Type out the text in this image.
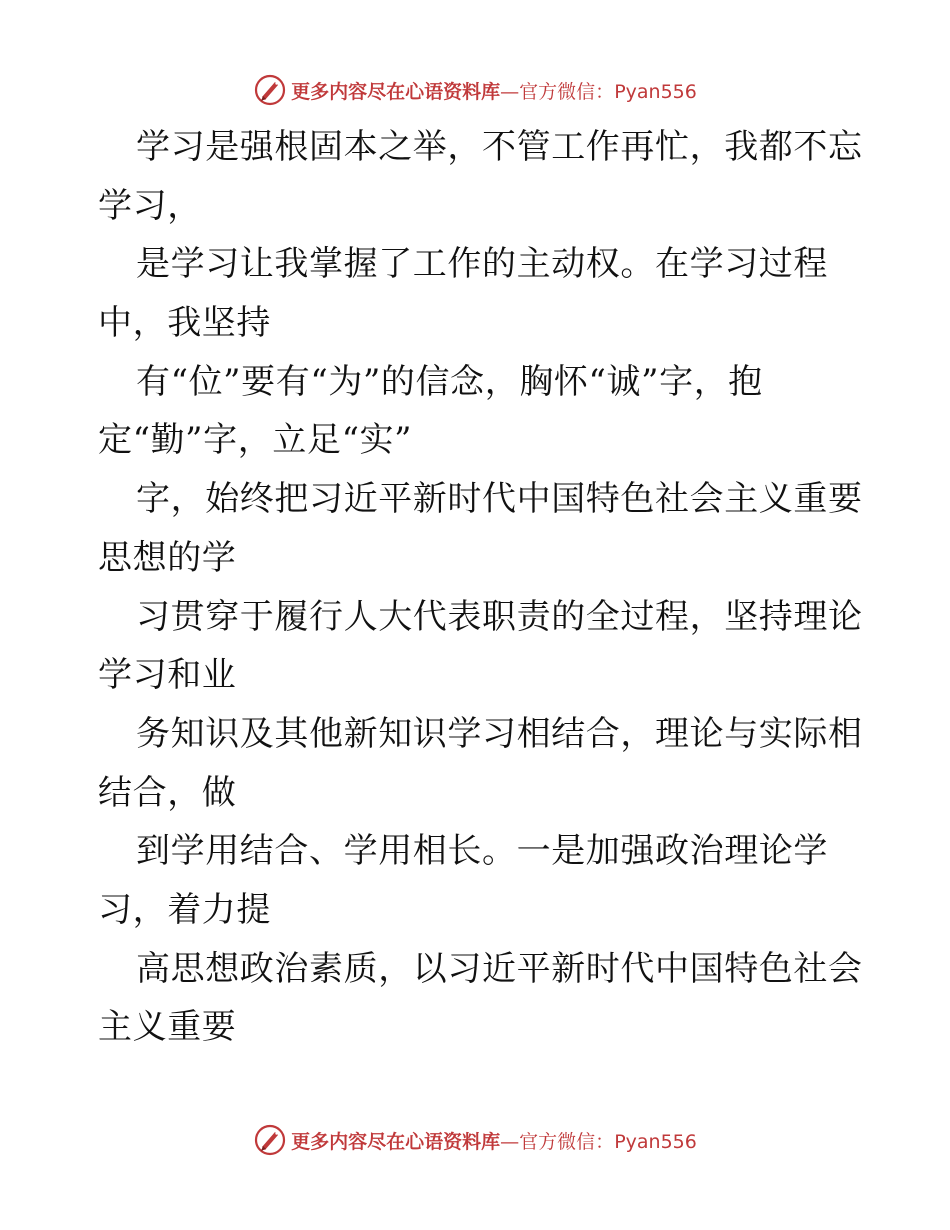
更多内容尽在心语资料库—官方微信：Pyan556
学习是强根固本之举，不管工作再忙，我都不忘
学习，
是学习让我掌握了工作的主动权。在学习过程
中，我坚持
有“位”要有“为”的信念，胸怀“诚”字，抱
定“勤”字，立足“实”
字，始终把习近平新时代中国特色社会主义重要
思想的学
习贯穿于履行人大代表职责的全过程，坚持理论
学习和业
务知识及其他新知识学习相结合，理论与实际相
结合，做
到学用结合、学用相长。一是加强政治理论学
习，着力提
高思想政治素质，以习近平新时代中国特色社会
主义重要
更多内容尽在心语资料库—官方微信：Pyan556
